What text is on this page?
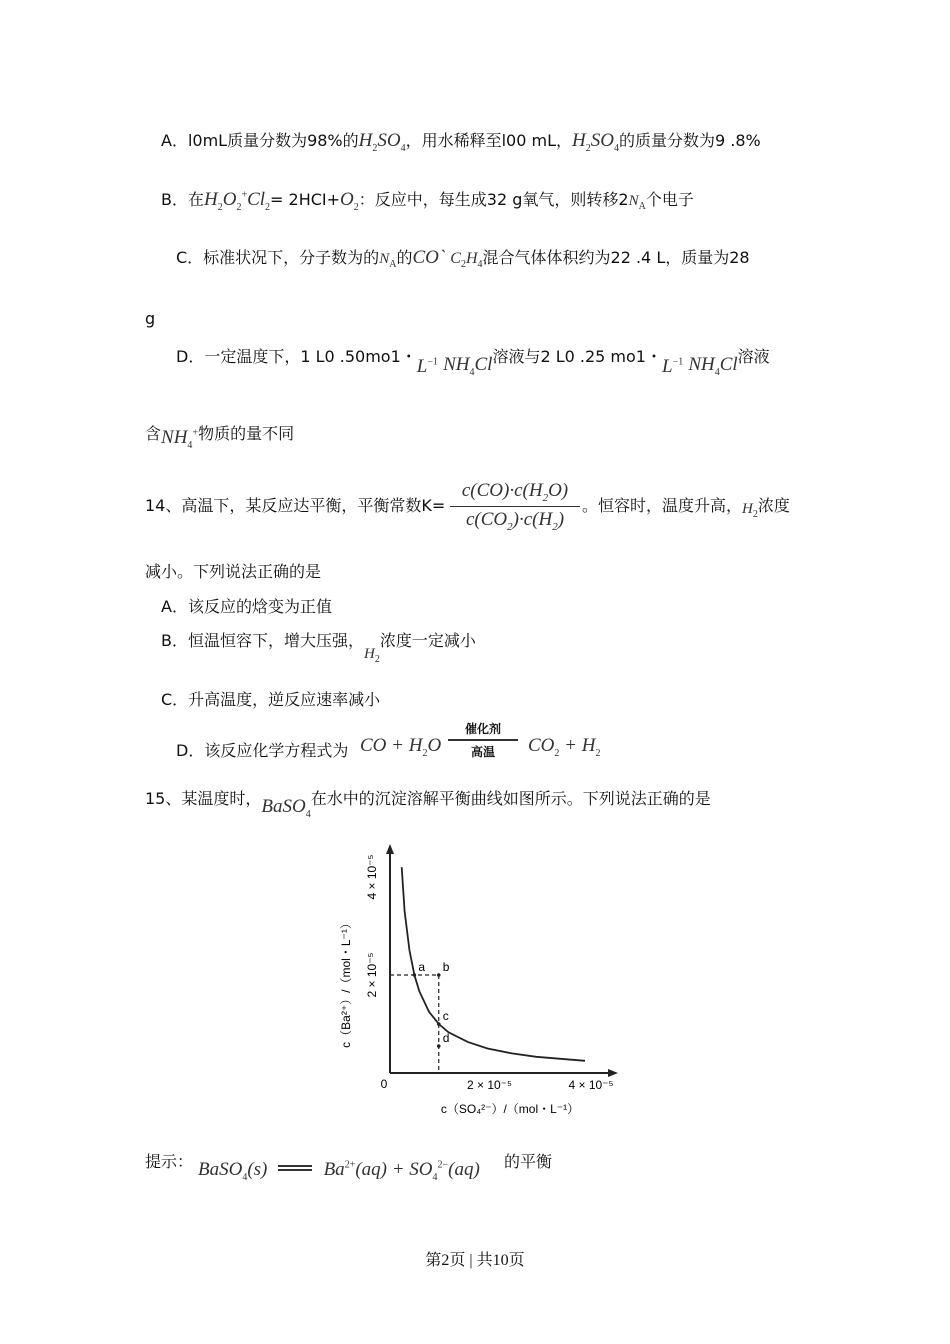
A．l0mL质量分数为98%的$H_2SO_4$，用水稀释至l00 mL，$H_2SO_4$的质量分数为9 .8%
B．在$H_2O_2^+Cl_2= 2HCI+O_2$：反应中，每生成32 g氧气，则转移$2N_A$个电子
C．标准状况下，分子数为的$N_A$的CO` $C_2H_4$混合气体体积约为22 .4 L，质量为28
g
D．一定温度下，1 L0 .50mo1・$L^{-1}$ $NH_4Cl$溶液与2 L0 .25 mo1・$L^{-1}$ $NH_4Cl$溶液
含$NH_4^+$物质的量不同
14、高温下，某反应达平衡，平衡常数K=
$c(CO)\cdot c(H_2O)$
$c(CO_2)\cdot c(H_2)$
。恒容时，温度升高，$H_2$浓度
减小。下列说法正确的是
A．该反应的焓变为正值
B．恒温恒容下，增大压强，$H_2$浓度一定减小
C．升高温度，逆反应速率减小
D．该反应化学方程式为 CO + $H_2O$
催化剂
高温	$CO_2 + H_2$
15、某温度时，BaSO$_4$在水中的沉淀溶解平衡曲线如图所示。下列说法正确的是
0	2 × 10⁻⁵	4 × 10⁻⁵
2 × 10⁻⁵
4 × 10⁻⁵
c（SO₄²⁻）/（mol・L⁻¹）
c（Ba²⁺）/（mol・L⁻¹）	a b
c
d
提示： BaSO$_4$(s)	$Ba^{2+}(aq) + SO_4^{2-}(aq)$ 的平衡
第2页 | 共10页
